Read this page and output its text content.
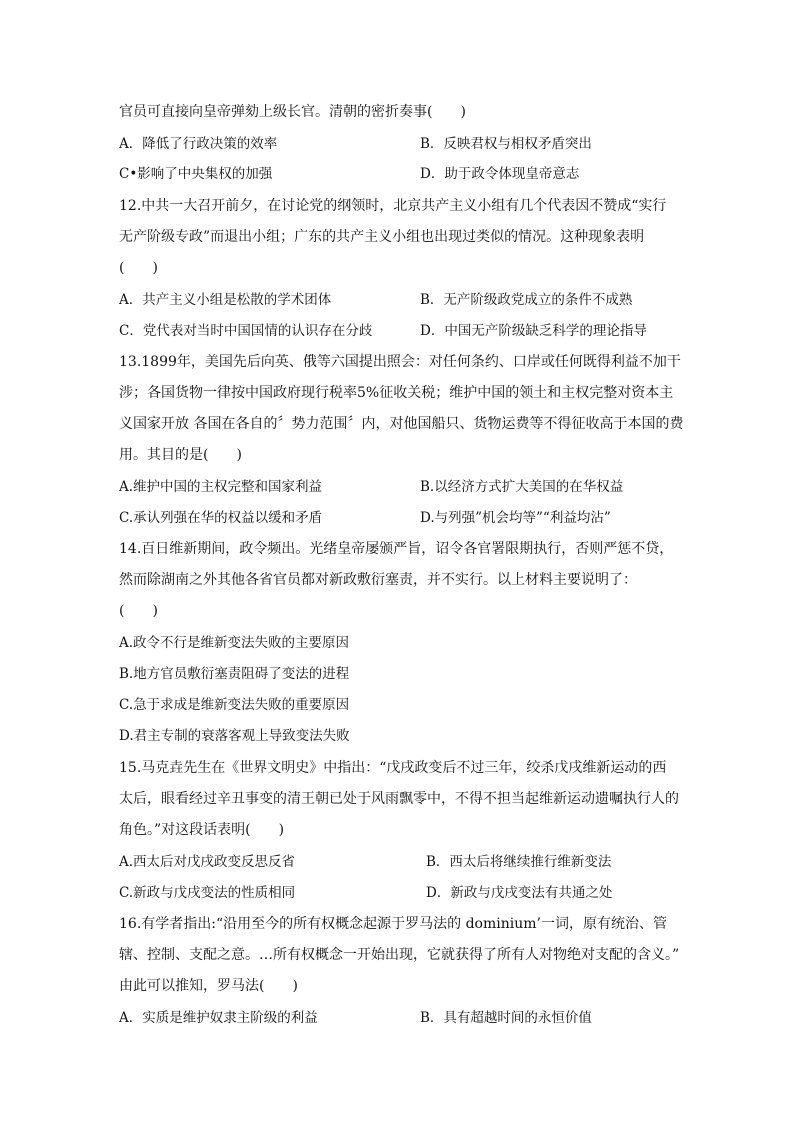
官员可直接向皇帝弹劾上级长官。清朝的密折奏事(　　)
A．降低了行政决策的效率	B．反映君权与相权矛盾突出
C•影响了中央集权的加强	D．助于政令体现皇帝意志
12.中共一大召开前夕，在讨论党的纲领时，北京共产主义小组有几个代表因不赞成“实行
无产阶级专政”而退出小组；广东的共产主义小组也出现过类似的情况。这种现象表明
(　　)
A．共产主义小组是松散的学术团体	B．无产阶级政党成立的条件不成熟
C．党代表对当时中国国情的认识存在分歧	D．中国无产阶级缺乏科学的理论指导
13.1899年，美国先后向英、俄等六国提出照会：对任何条约、口岸或任何既得利益不加干
涉；各国货物一律按中国政府现行税率5%征收关税；维护中国的领土和主权完整对资本主
义国家开放 各国在各自的〞势力范围〞内，对他国船只、货物运费等不得征收高于本国的费
用。其目的是(　　)
A.维护中国的主权完整和国家利益	B.以经济方式扩大美国的在华权益
C.承认列强在华的权益以缓和矛盾	D.与列强”机会均等”“利益均沾”
14.百日维新期间，政令频出。光绪皇帝屡颁严旨，诏令各官署限期执行，否则严惩不贷，
然而除湖南之外其他各省官员都对新政敷衍塞责，并不实行。以上材料主要说明了：
(　　)
A.政令不行是维新变法失败的主要原因
B.地方官员敷衍塞责阻碍了变法的进程
C.急于求成是维新变法失败的重要原因
D.君主专制的衰落客观上导致变法失败
15.马克垚先生在《世界文明史》中指出：“戊戌政变后不过三年，绞杀戊戌维新运动的西
太后，眼看经过辛丑事变的清王朝已处于风雨飘零中，不得不担当起维新运动遗嘱执行人的
角色。”对这段话表明(　　)
A.西太后对戊戌政变反思反省	B．西太后将继续推行维新变法
C.新政与戊戌变法的性质相同	D．新政与戊戌变法有共通之处
16.有学者指出:“沿用至今的所有权概念起源于罗马法的 dominium’一词，原有统治、管
辖、控制、支配之意。…所有权概念一开始出现，它就获得了所有人对物绝对支配的含义。”
由此可以推知，罗马法(　　)
A．实质是维护奴隶主阶级的利益	B．具有超越时间的永恒价值
